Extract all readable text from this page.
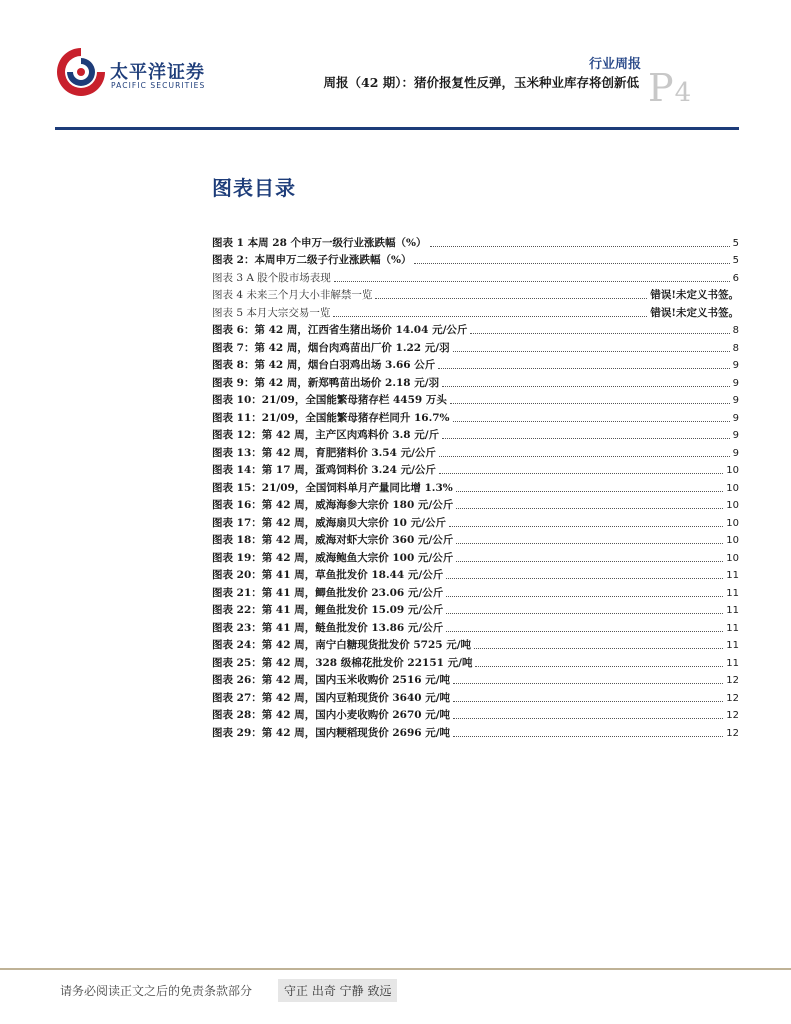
太平洋证券
PACIFIC SECURITIES
行业周报
周报（42 期）：猪价报复性反弹，玉米种业库存将创新低 P4
图表目录
图表 1 本周 28 个申万一级行业涨跌幅（%）	5
图表 2：本周申万二级子行业涨跌幅（%）	5
图表 3 A 股个股市场表现	6
图表 4 未来三个月大小非解禁一览	错误!未定义书签。
图表 5 本月大宗交易一览	错误!未定义书签。
图表 6：第 42 周，江西省生猪出场价 14.04 元/公斤	8
图表 7：第 42 周，烟台肉鸡苗出厂价 1.22 元/羽	8
图表 8：第 42 周，烟台白羽鸡出场 3.66 公斤	9
图表 9：第 42 周，新郑鸭苗出场价 2.18 元/羽	9
图表 10：21/09，全国能繁母猪存栏 4459 万头	9
图表 11：21/09，全国能繁母猪存栏同升 16.7%	9
图表 12：第 42 周，主产区肉鸡料价 3.8 元/斤	9
图表 13：第 42 周，育肥猪料价 3.54 元/公斤	9
图表 14：第 17 周，蛋鸡饲料价 3.24 元/公斤	10
图表 15：21/09，全国饲料单月产量同比增 1.3%	10
图表 16：第 42 周，威海海参大宗价 180 元/公斤	10
图表 17：第 42 周，威海扇贝大宗价 10 元/公斤	10
图表 18：第 42 周，威海对虾大宗价 360 元/公斤	10
图表 19：第 42 周，威海鲍鱼大宗价 100 元/公斤	10
图表 20：第 41 周，草鱼批发价 18.44 元/公斤	11
图表 21：第 41 周，鲫鱼批发价 23.06 元/公斤	11
图表 22：第 41 周，鲤鱼批发价 15.09 元/公斤	11
图表 23：第 41 周，鲢鱼批发价 13.86 元/公斤	11
图表 24：第 42 周，南宁白糖现货批发价 5725 元/吨	11
图表 25：第 42 周，328 级棉花批发价 22151 元/吨	11
图表 26：第 42 周，国内玉米收购价 2516 元/吨	12
图表 27：第 42 周，国内豆粕现货价 3640 元/吨	12
图表 28：第 42 周，国内小麦收购价 2670 元/吨	12
图表 29：第 42 周，国内粳稻现货价 2696 元/吨	12
请务必阅读正文之后的免责条款部分	守正 出奇 宁静 致远
